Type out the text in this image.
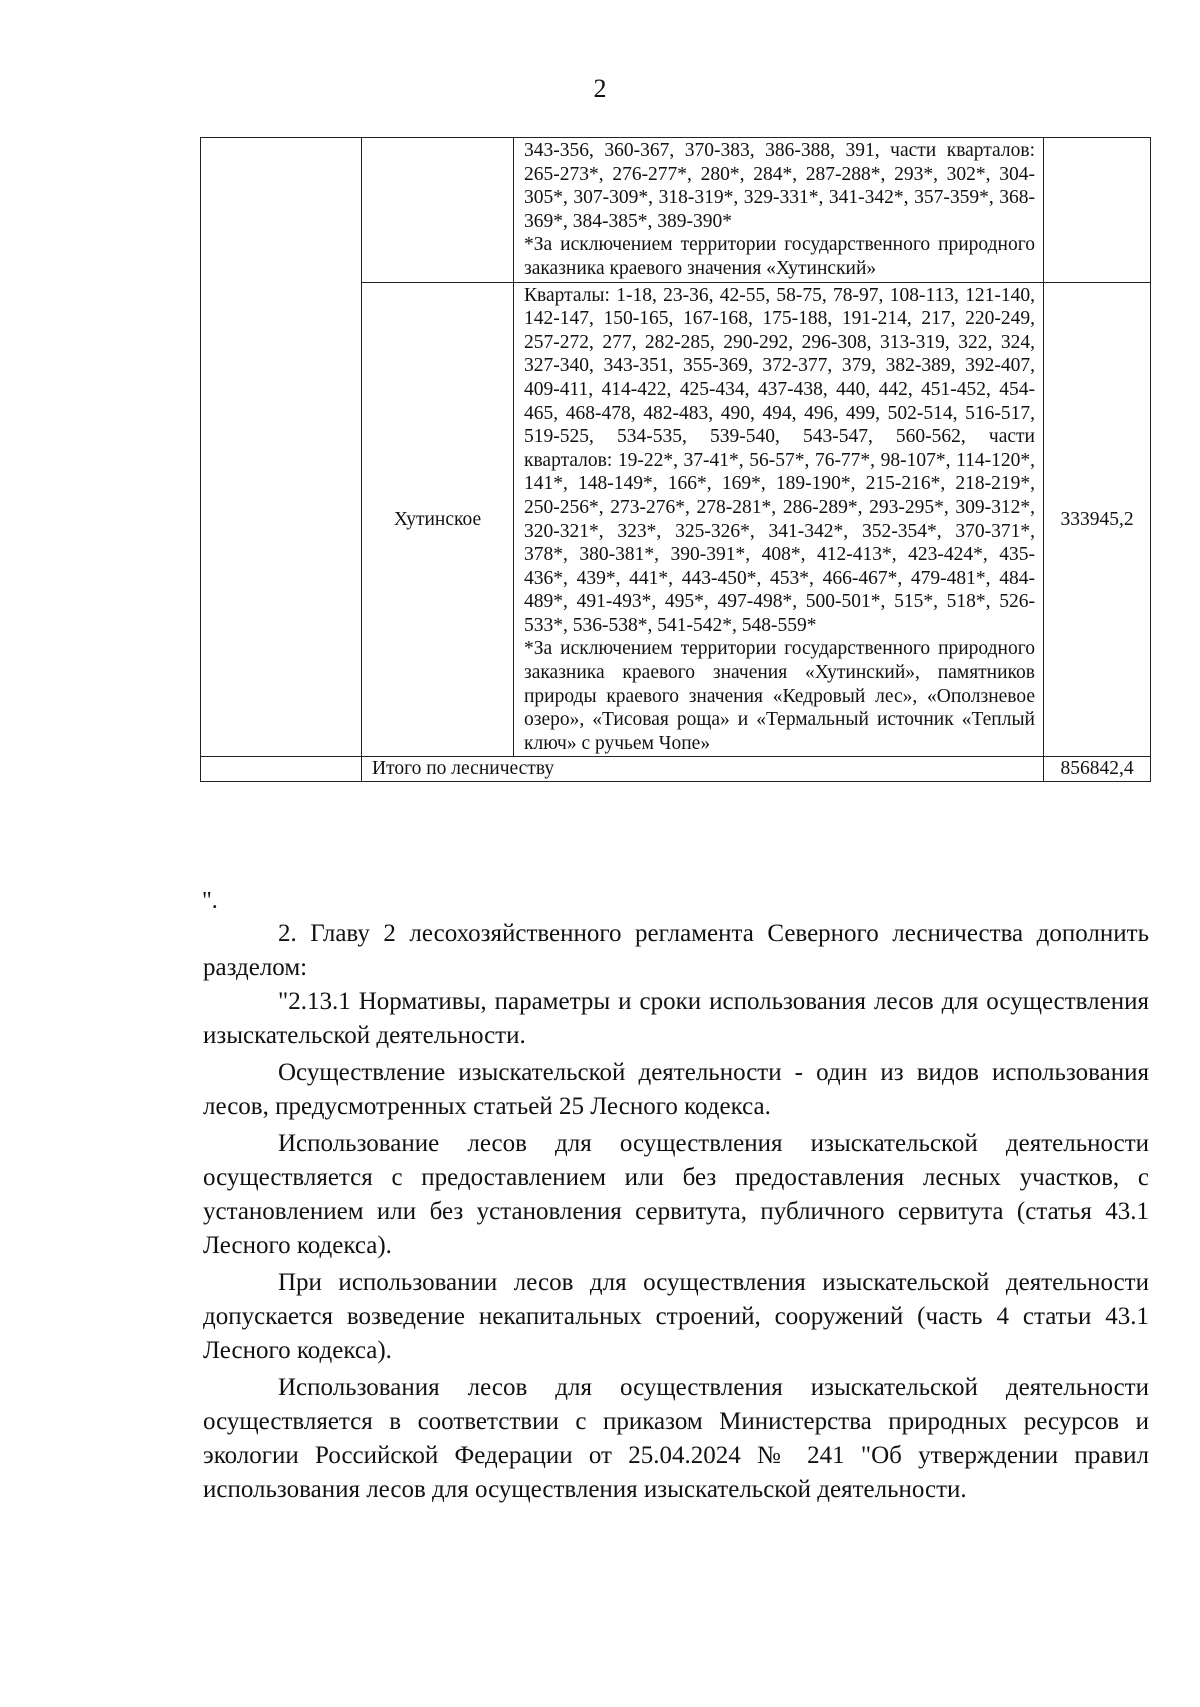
2

		343-356, 360-367, 370-383, 386-388, 391, части кварталов: 265-273*, 276-277*, 280*, 284*, 287-288*, 293*, 302*, 304-305*, 307-309*, 318-319*, 329-331*, 341-342*, 357-359*, 368-369*, 384-385*, 389-390*
*За исключением территории государственного природного заказника краевого значения «Хутинский»	

	Хутинское	Кварталы: 1-18, 23-36, 42-55, 58-75, 78-97, 108-113, 121-140, 142-147, 150-165, 167-168, 175-188, 191-214, 217, 220-249, 257-272, 277, 282-285, 290-292, 296-308, 313-319, 322, 324, 327-340, 343-351, 355-369, 372-377, 379, 382-389, 392-407, 409-411, 414-422, 425-434, 437-438, 440, 442, 451-452, 454-465, 468-478, 482-483, 490, 494, 496, 499, 502-514, 516-517, 519-525, 534-535, 539-540, 543-547, 560-562, части кварталов: 19-22*, 37-41*, 56-57*, 76-77*, 98-107*, 114-120*, 141*, 148-149*, 166*, 169*, 189-190*, 215-216*, 218-219*, 250-256*, 273-276*, 278-281*, 286-289*, 293-295*, 309-312*, 320-321*, 323*, 325-326*, 341-342*, 352-354*, 370-371*, 378*, 380-381*, 390-391*, 408*, 412-413*, 423-424*, 435-436*, 439*, 441*, 443-450*, 453*, 466-467*, 479-481*, 484-489*, 491-493*, 495*, 497-498*, 500-501*, 515*, 518*, 526-533*, 536-538*, 541-542*, 548-559*
*За исключением территории государственного природного заказника краевого значения «Хутинский», памятников природы краевого значения «Кедровый лес», «Оползневое озеро», «Тисовая роща» и «Термальный источник «Теплый ключ» с ручьем Чопе»	333945,2
	Итого по лесничеству		856842,4
".

2. Главу 2 лесохозяйственного регламента Северного лесничества дополнить разделом:

"2.13.1 Нормативы, параметры и сроки использования лесов для осуществления изыскательской деятельности.

Осуществление изыскательской деятельности - один из видов использования лесов, предусмотренных статьей 25 Лесного кодекса.

Использование лесов для осуществления изыскательской деятельности осуществляется с предоставлением или без предоставления лесных участков, с установлением или без установления сервитута, публичного сервитута (статья 43.1 Лесного кодекса).

При использовании лесов для осуществления изыскательской деятельности допускается возведение некапитальных строений, сооружений (часть 4 статьи 43.1 Лесного кодекса).

Использования лесов для осуществления изыскательской деятельности осуществляется в соответствии с приказом Министерства природных ресурсов и экологии Российской Федерации от 25.04.2024 № 241 "Об утверждении правил использования лесов для осуществления изыскательской деятельности.
